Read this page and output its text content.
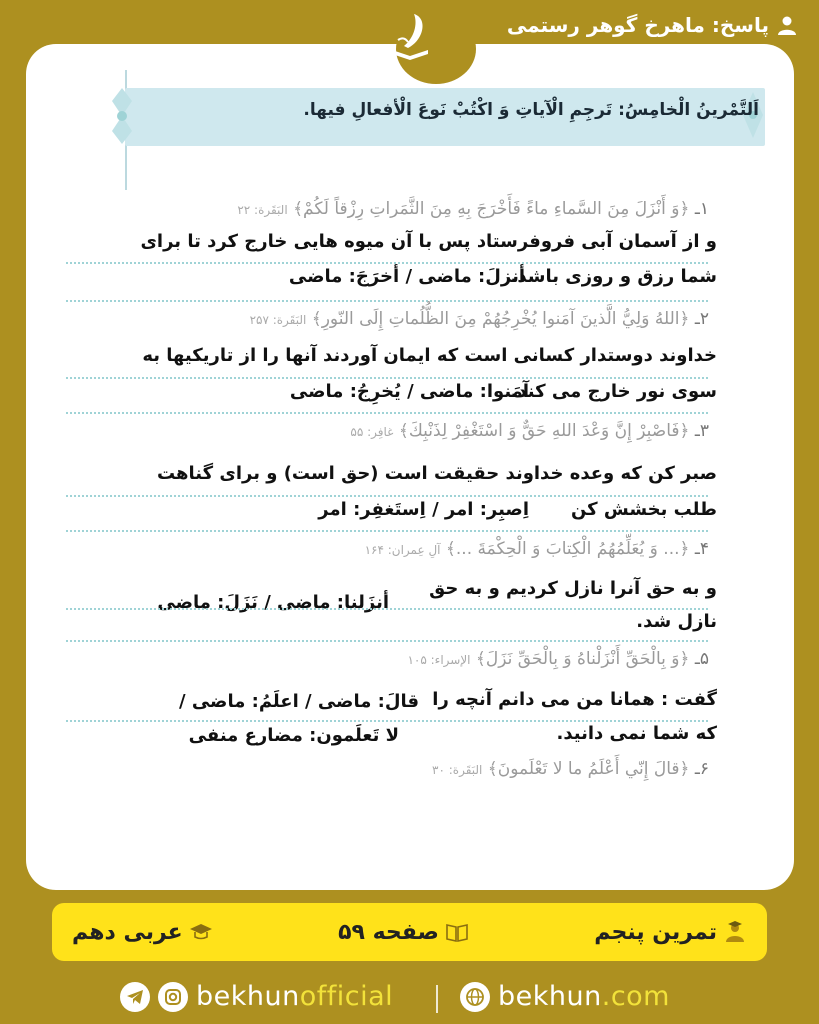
پاسخ: ماهرخ گوهر رستمی
اَلتَّمْرينُ الْخامِسُ: تَرجِمِ الْآياتِ وَ اكْتُبْ نَوعَ الْأفعالِ فيها.
۱ـ ﴿وَ أَنْزَلَ مِنَ السَّماءِ ماءً فَأَخْرَجَ بِهِ مِنَ الثَّمَراتِ رِزْقاً لَكُمْ﴾ البَقَرة: ۲۲
و از آسمان آبی فروفرستاد پس با آن میوه هایی خارج کرد تا برای
شما رزق و روزی باشد.
أنزلَ: ماضی / أخرَجَ: ماضی
۲ـ ﴿اللهُ وَلِيُّ الَّذينَ آمَنوا يُخْرِجُهُمْ مِنَ الظُّلُماتِ إِلَى النّورِ﴾ البَقَرة: ۲۵۷
خداوند دوستدار کسانی است که ایمان آوردند آنها را از تاریکیها به
سوی نور خارج می کند.
آمَنوا: ماضی / يُخرِجُ: ماضی
۳ـ ﴿فَاصْبِرْ إِنَّ وَعْدَ اللهِ حَقٌّ وَ اسْتَغْفِرْ لِذَنْبِكَ﴾ غافِر: ۵۵
صبر کن که وعده خداوند حقیقت است (حق است) و برای گناهت
طلب بخشش کن
اِصبِر: امر / اِستَغفِر: امر
۴ـ ﴿... وَ يُعَلِّمُهُمُ الْكِتابَ وَ الْحِكْمَةَ ...﴾ آلِ عِمران: ۱۶۴
و به حق آنرا نازل کردیم و به حق
أنزَلنا: ماضی / نَزَلَ: ماضی
نازل شد.
۵ـ ﴿وَ بِالْحَقِّ أَنْزَلْناهُ وَ بِالْحَقِّ نَزَلَ﴾ الإسراء: ۱۰۵
گفت : همانا من می دانم آنچه را
قالَ: ماضی / اعلَمُ: ماضی /
که شما نمی دانید.
لا تَعلَمون: مضارع منفی
۶ـ ﴿قالَ إِنّي أَعْلَمُ ما لا تَعْلَمونَ﴾ البَقَرة: ۳۰
تمرین پنجم
صفحه ۵۹
عربی دهم
bekhunofficial	bekhun.com
